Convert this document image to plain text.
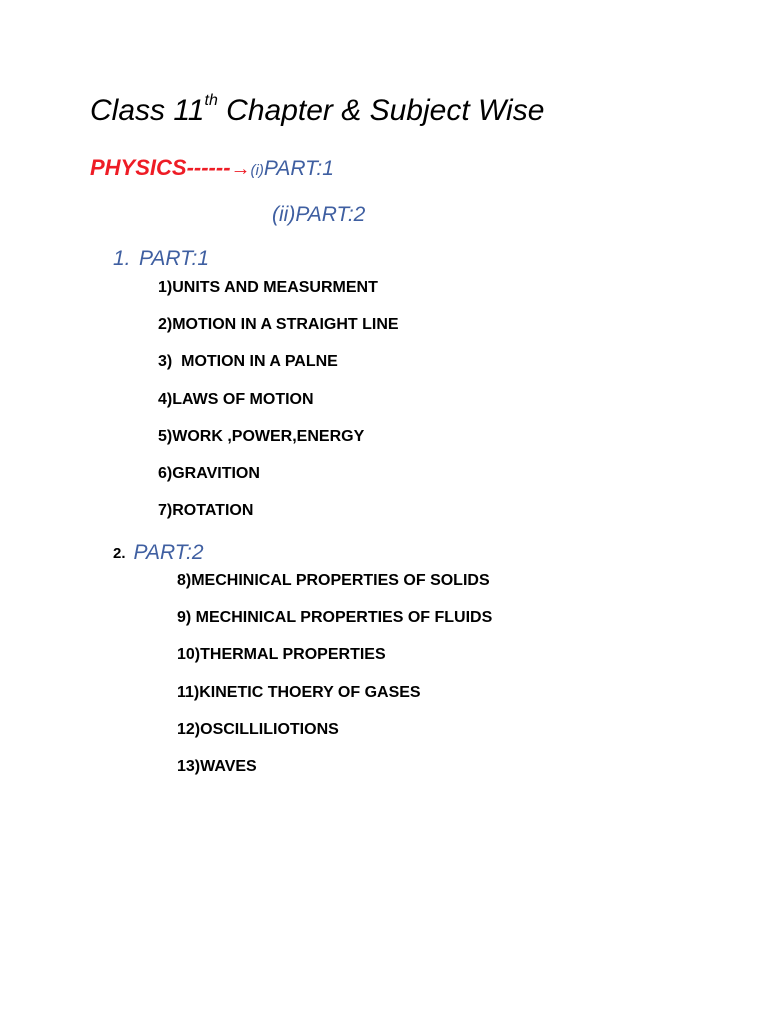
Class 11th Chapter & Subject Wise
PHYSICS------→(i)PART:1
(ii)PART:2
1. PART:1
1)UNITS AND MEASURMENT
2)MOTION IN A STRAIGHT LINE
3)  MOTION IN A PALNE
4)LAWS OF MOTION
5)WORK ,POWER,ENERGY
6)GRAVITION
7)ROTATION
2. PART:2
8)MECHINICAL PROPERTIES OF SOLIDS
9) MECHINICAL PROPERTIES OF FLUIDS
10)THERMAL PROPERTIES
11)KINETIC THOERY OF GASES
12)OSCILLILIOTIONS
13)WAVES
